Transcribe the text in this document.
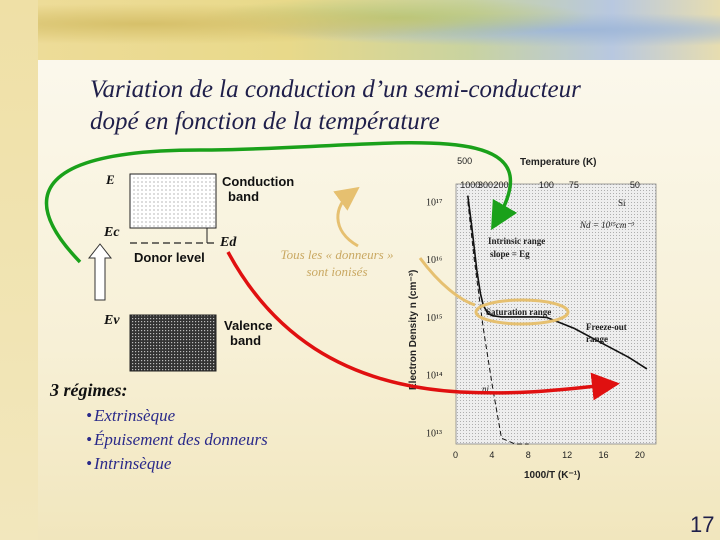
Variation de la conduction d’un semi-conducteur
dopé en fonction de la température
E
Ec
Ed
Ev
Conduction
band
Donor level
Valence
band
Temperature (K)
1000/T (K⁻¹)
Electron Density n (cm⁻³)
0	4	8	12	16	20
500
1000
300 200	100 75	50
10¹⁷
10¹⁶
10¹⁵
10¹⁴
10¹³
Si
Nd = 10¹⁵cm⁻³
Intrinsic range
slope = Eg
Saturation range
Freeze-out
range
ni
Tous les « donneurs »
sont ionisés
3 régimes:
• Extrinsèque
• Épuisement des donneurs
• Intrinsèque
17
